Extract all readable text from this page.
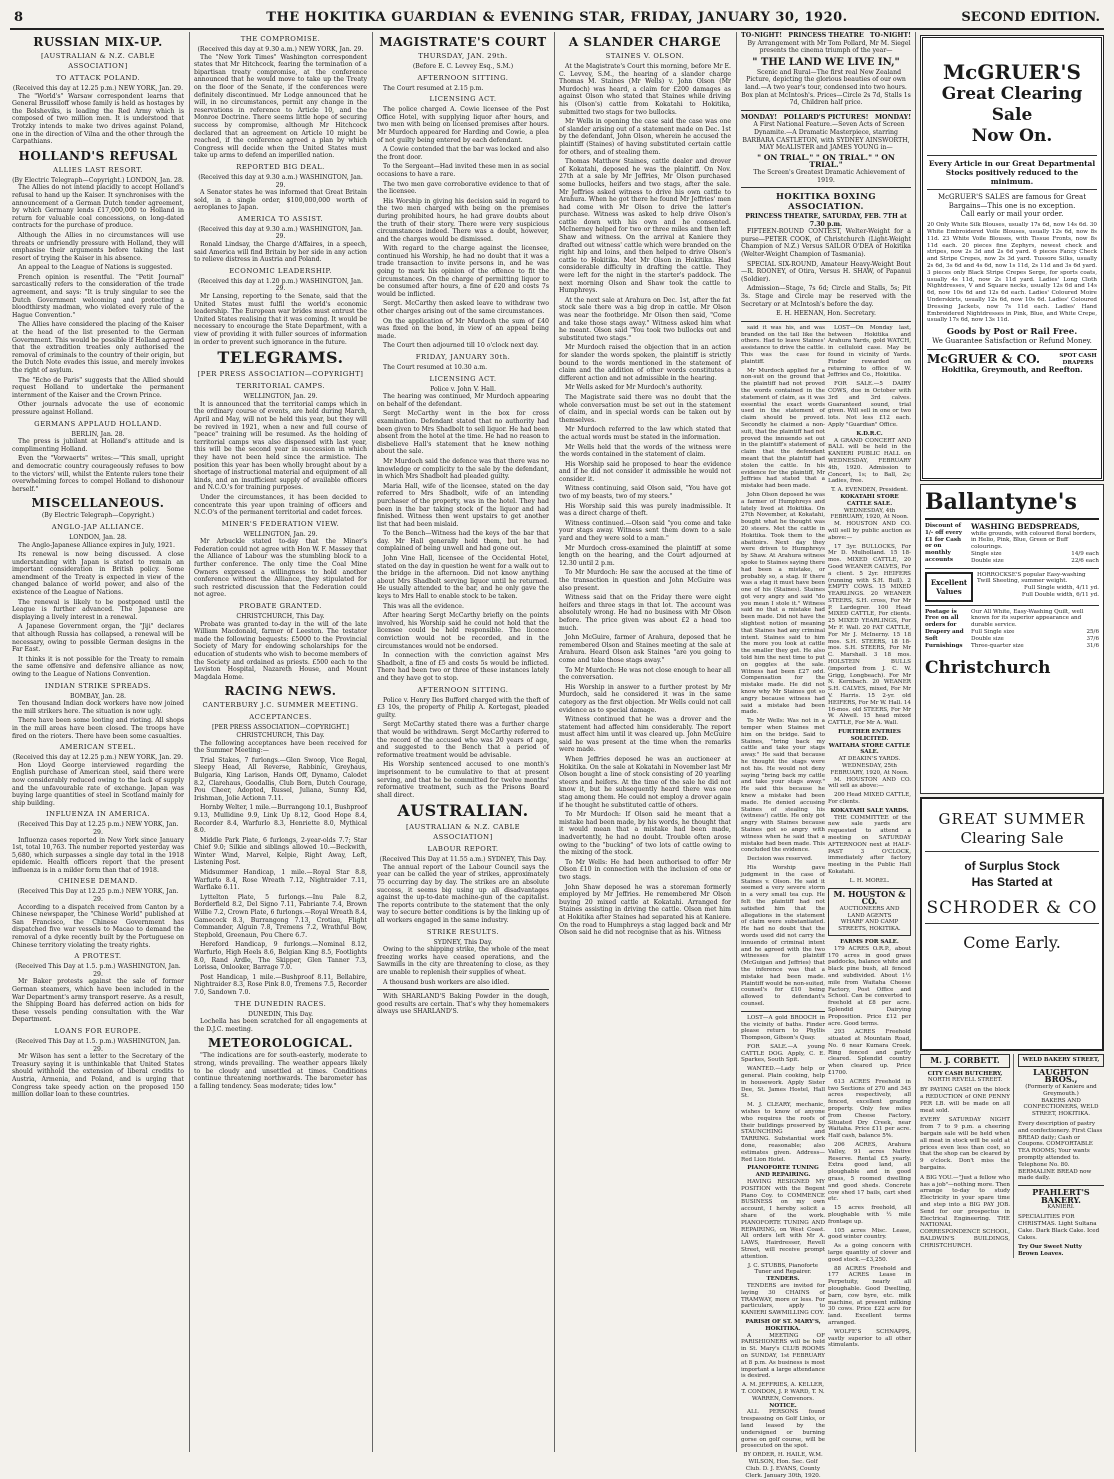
8	THE HOKITIKA GUARDIAN & EVENING STAR, FRIDAY, JANUARY 30, 1920.	SECOND EDITION.
RUSSIAN MIX-UP.
[AUSTRALIAN & N.Z. CABLE ASSOCIATION]
TO ATTACK POLAND.
(Received this day at 12.25 p.m.) NEW YORK, Jan. 29.

The "World's" Warsaw correspondent learns that General Brussiloff whose family is held as hostages by the Bolsheviks, is leading the Red Army which is composed of two million men. It is understood that Trotzky intends to make two drives against Poland, one in the direction of Vilna and the other through the Carpathians.

HOLLAND'S REFUSAL
ALLIES LAST RESORT.
(By Electric Telegraph—Copyright.) LONDON, Jan. 28.

The Allies do not intend placidly to accept Holland's refusal to hand up the Kaiser. It synchronises with the announcement of a German Dutch tender agreement, by which Germany lends £17,000,000 to Holland in return for valuable coal concessions, on long-dated contracts for the purchase of produce.

Although the Allies in no circumstances will use threats or unfriendly pressure with Holland, they will emphasise their arguments before taking the last resort of trying the Kaiser in his absence.

An appeal to the League of Nations is suggested.

French opinion is resentful. The "Petit Journal" sarcastically refers to the consideration of the trade agreement, and says: "It is truly singular to see the Dutch Government welcoming and protecting a bloodthirsty madman, who violated every rule of the Hague Convention."

The Allies have considered the placing of the Kaiser at the head of the list presented to the German Government. This would be possible if Holland agreed that the extradition treaties only authorised the removal of criminals to the country of their origin, but the Dutch Note evades this issue, and merely invokes the right of asylum.

The "Echo de Paris" suggests that the Allied should request Holland to undertake the permanent internment of the Kaiser and the Crown Prince.

Other journals advocate the use of economic pressure against Holland.

GERMANS APPLAUD HOLLAND.
BERLIN, Jan. 28.

The press is jubilant at Holland's attitude and is complimenting Holland.

Even the "Vorwaerts" writes:—"This small, upright and democratic country courageously refuses to bow to the victors' will, whilst the Entente rulers tone their overwhelming forces to compel Holland to dishonour herself."

MISCELLANEOUS.
(By Electric Telegraph—Copyright.)
ANGLO-JAP ALLIANCE.
LONDON, Jan. 28.

The Anglo-Japanese Alliance expires in July, 1921.

Its renewal is now being discussed. A close understanding with Japan is stated to remain an important consideration in British policy. Some amendment of the Treaty is expected in view of the changed balance of world power, and also of the existence of the League of Nations.

The renewal is likely to be postponed until the League is further advanced. The Japanese are displaying a lively interest in a renewal.

A Japanese Government organ, the "Jiji" declares that although Russia has collapsed, a renewal will be necessary, owing to possible German designs in the Far East.

It thinks it is not possible for the Treaty to remain the same offensive and defensive alliance as now, owing to the League of Nations Convention.

INDIAN STRIKE SPREADS.
BOMBAY, Jan. 28.

Ten thousand Indian dock workers have now joined the mill strikers here. The situation is now ugly.

There have been some looting and rioting. All shops in the mill areas have been closed. The troops have fired on the rioters. There have been some casualties.

AMERICAN STEEL.
(Received this day at 12.25 p.m.) NEW YORK, Jan. 29.

Hon Lloyd George interviewed regarding the English purchase of American steel, said there were now considerably reduced owing to the lack of supply and the unfavourable rate of exchange. Japan was buying large quantities of steel in Scotland mainly for ship building.

INFLUENZA IN AMERICA.
(Received This Day at 12.25 p.m.) NEW YORK, Jan. 29.

Influenza cases reported in New York since January 1st, total 10,763. The number reported yesterday was 5,680, which surpasses a single day total in the 1918 epidemic. Health officers report that the present influenza is in a milder form than that of 1918.

CHINESE DEMAND.
(Received This Day at 12.25 p.m.) NEW YORK, Jan. 29.

According to a dispatch received from Canton by a Chinese newspaper, the "Chinese World" published at San Francisco, the Chinese Government has dispatched five war vessels to Macao to demand the removal of a dyke recently built by the Portuguese on Chinese territory violating the treaty rights.

A PROTEST.
(Received This Day at 1.5. p.m.) WASHINGTON, Jan. 29.

Mr Baker protests against the sale of former German steamers, which have been included in the War Department's army transport reserve. As a result, the Shipping Board has deferred action on bids for these vessels pending consultation with the War Department.

LOANS FOR EUROPE.
(Received This Day at 1.5. p.m.) WASHINGTON, Jan. 29.

Mr Wilson has sent a letter to the Secretary of the Treasury saying it is unthinkable that United States should withhold the extension of liberal credits to Austria, Armenia, and Poland, and is urging that Congress take speedy action on the proposed 150 million dollar loan to these countries.

THE COMPROMISE.
(Received this day at 9.30 a.m.) NEW YORK, Jan. 29.

The "New York Times" Washington correspondent states that Mr Hitchcock, fearing the termination of a bipartisan treaty compromise, at the conference announced that he would move to take up the Treaty on the floor of the Senate, if the conferences were definitely discontinued. Mr Lodge announced that he will, in no circumstances, permit any change in the reservations in reference to Article 10, and the Monroe Doctrine. There seems little hope of securing success by compromise, although Mr Hitchcock declared that an agreement on Article 10 might be reached, if the conference agreed a plan by which Congress will decide when the United States must take up arms to defend an imperilled nation.

REPORTED BIG DEAL.
(Received this day at 9.30 a.m.) WASHINGTON, Jan. 29.

A Senator states he was informed that Great Britain sold, in a single order, $100,000,000 worth of aeroplanes to Japan.

AMERICA TO ASSIST.
(Received this day at 9.30 a.m.) WASHINGTON, Jan. 29.

Ronald Lindsay, the Charge d'Affaires, in a speech, said America will find Britain by her side in any action to relieve distress in Austria and Poland.

ECONOMIC LEADERSHIP.
(Received this day at 1.20 p.m.) WASHINGTON, Jan. 29.

Mr Lansing, reporting to the Senate, said that the United States must fulfil the world's economic leadership. The European war brides must entrust the United States realising that it was coming. It would be necessary to encourage the State Department, with a view of providing it with fuller sources of information in order to prevent such ignorance in the future.

TELEGRAMS.
[PER PRESS ASSOCIATION—COPYRIGHT]
TERRITORIAL CAMPS.
WELLINGTON, Jan. 29.

It is announced that the territorial camps which in the ordinary course of events, are held during March, April and May, will not be held this year, but they will be revived in 1921, when a new and full course of "peace" training will be resumed. As the holding of territorial camps was also dispensed with last year, this will be the second year in succession in which they have not been held since the armistice. The position this year has been wholly brought about by a shortage of instructional material and equipment of all kinds, and an insufficient supply of available officers and N.C.O.'s for training purposes.

Under the circumstances, it has been decided to concentrate this year upon training of officers and N.C.O's of the permanent territorial and cadet forces.

MINER'S FEDERATION VIEW.
WELLINGTON, Jan. 29.

Mr Arbuckle stated to-day that the Miner's Federation could not agree with Hon W. F. Massey that the Alliance of Labour was the stumbling block to a further conference. The only time the Coal Mine Owners expressed a willingness to hold another conference without the Alliance, they stipulated for such restricted discussion that the Federation could not agree.

PROBATE GRANTED.
CHRISTCHURCH, This Day.

Probate was granted to-day in the will of the late William Macdonald, farmer of Leeston. The testator made the following bequests: £5000 to the Provincial Society of Mary for endowing scholarships for the education of students who wish to become members of the Society and ordained as priests. £500 each to the Leviston Hospital, Nazareth House, and Mount Magdala Home.

RACING NEWS.
CANTERBURY J.C. SUMMER MEETING.
ACCEPTANCES.
[PER PRESS ASSOCIATION—COPYRIGHT.] CHRISTCHURCH, This Day.

The following acceptances have been received for the Summer Meeting:—

Trial Stakes, 7 furlongs.—Glen Swoop, Vice Regal, Sleepy Head, All Reverse, Rabbinic, Greyhaus, Bulgaria, King Larison, Hands Off, Dynamo, Calodet 8.2, Clarehaus, Goodallis, Club Born, Dutch Courage, Pou Cheer, Adopted, Russel, Juliana, Sunny Kid, Irishman, Jolie Actionn 7.11.

Hornby Welter, 1 mile.—Burrangong 10.1, Bushproof 9.13, Mullidine 9.9, Link Up 8.12, Good Hope 8.4, Recorder 8.4, Warfurlo 8.3, Henriette 8.0, Mythical 8.0.

Middle Park Plate, 6 furlongs, 2-year-olds 7.7; Star Chief 9.0; Silkie and siblings allowed 10.—Beckwith, Winter Wind, Marvel, Kelpie, Right Away, Left, Listening Post.

Midsummer Handicap, 1 mile.—Royal Star 8.8, Warfurlo 8.4, Rose Wreath 7.12, Nightraider 7.11, Warflake 6.11.

Lyttelton Plate, 5 furlongs.—Inu Pale 8.2, Borderfield 8.2, Del Signo 7.11, Fabriante 7.4, Brown Willie 7.2, Crown Plate, 6 furlongs.—Royal Wreath 8.4, Gamecock 8.3, Burrangong 7.13, Crotiau, Flight Commander, Alguin 7.8, Tremens 7.2, Wrathful Bow, Stepbold, Greenaun, Pou Chere 6.7.

Hereford Handicap, 9 furlongs.—Nominal 8.12, Warfurlo, High Heels 8.6, Belgian King 8.5, Footlights 8.0, Rand Ardle, The Skipper, Glen Tanner 7.3, Lorissa, Onlooker, Barrage 7.0.

Post Handicap, 1 mile.—Bushproof 8.11, Bellabire, Nightraider 8.3, Rose Pink 8.0, Tremens 7.5, Recorder 7.0, Sandown 7.0.

THE DUNEDIN RACES.
DUNEDIN, This Day.

Lochella has been scratched for all engagements at the D.J.C. meeting.

METEOROLOGICAL.

"The indications are for south-easterly, moderate to strong, winds prevailing. The weather appears likely to be cloudy and unsettled at times. Conditions continue threatening northwards. The barometer has a falling tendency. Seas moderate; tides low."

MAGISTRATE'S COURT
THURSDAY, JAN. 29th.
(Before E. C. Levvey Esq., S.M.)
AFTERNOON SITTING.

The Court resumed at 2.15 p.m.

LICENSING ACT.

The police charged A. Cowie licensee of the Post Office Hotel, with supplying liquor after hours, and two men with being on licensed premises after hours. Mr Murdoch appeared for Harding and Cowie, a plea of not guilty being entered by each defendant.

A Cowie contended that the bar was locked and also the front door.

To the Sergeant—Had invited these men in as social occasions to have a rare.

The two men gave corroborative evidence to that of the licensee.

His Worship in giving his decision said in regard to the two men charged with being on the premises during prohibited hours, he had grave doubts about the truth of their story. There were very suspicious circumstances indeed. There was a doubt, however, and the charges would be dismissed.

With regard to the charge against the licensee, continued his Worship, he had no doubt that it was a trade transaction to invite persons in, and he was going to mark his opinion of the offence to fit the circumstances. On the charge of permitting liquor to be consumed after hours, a fine of £20 and costs 7s would be inflicted.

Sergt. McCarthy then asked leave to withdraw two other charges arising out of the same circumstances.

On the application of Mr Murdoch the sum of £40 was fixed on the bond, in view of an appeal being made.

The Court then adjourned till 10 o'clock next day.

FRIDAY, JANUARY 30th.

The Court resumed at 10.30 a.m.

LICENSING ACT.
Police v. John V. Hall.

The hearing was continued, Mr Murdoch appearing on behalf of the defendant.

Sergt McCarthy went in the box for cross examination. Defendant stated that no authority had been given to Mrs Shadbolt to sell liquor. He had been absent from the hotel at the time. He had no reason to disbelieve Hall's statement that he knew nothing about the sale.

Mr Murdoch said the defence was that there was no knowledge or complicity to the sale by the defendant, in which Mrs Shadbolt had pleaded guilty.

Maria Hall, wife of the licensee, stated on the day referred to Mrs Shadbolt, wife of an intending purchaser of the property, was in the hotel. They had been in the bar taking stock of the liquor and had finished. Witness then went upstairs to get another list that had been mislaid.

To the Bench—Witness had the keys of the bar that day. Mr Hall generally held them, but he had complained of being unwell and had gone out.

John Vine Hall, licensee of the Occidental Hotel, stated on the day in question he went for a walk out to the bridge in the afternoon. Did not know anything about Mrs Shadbolt serving liquor until he returned. He usually attended to the bar, and he only gave the keys to Mrs Hall to enable stock to be taken.

This was all the evidence.

After hearing Sergt McCarthy briefly on the points involved, his Worship said he could not hold that the licensee could be held responsible. The licence conviction would not be recorded, and in the circumstances would not be endorsed.

In connection with the conviction against Mrs Shadbolt, a fine of £5 and costs 5s would be inflicted. There had been two or three of these instances lately and they have got to stop.

AFTERNOON SITTING.

Police v. Henry Iles Bufford charged with the theft of £3 10s, the property of Philip A. Kortegast, pleaded guilty.

Sergt McCarthy stated there was a further charge that would be withdrawn. Sergt McCarthy referred to the record of the accused who was 20 years of age, and suggested to the Bench that a period of reformative treatment would be advisable.

His Worship sentenced accused to one month's imprisonment to be cumulative to that at present serving, and that he be committed for twelve months' reformative treatment, such as the Prisons Board shall direct.

AUSTRALIAN.
[AUSTRALIAN & N.Z. CABLE ASSOCIATION]
LABOUR REPORT.
(Received This Day at 11.55 a.m.) SYDNEY, This Day.

The annual report of the Labour Council says the year can be called the year of strikes, approximately 75 occurring day by day. The strikes are an absolute success, it seems big using up all disadvantages against the up-to-date machine-gun of the capitalist. The reports contribute to the statement that the only way to secure better conditions is by the linking up of all workers engaged in the same industry.

STRIKE RESULTS.
SYDNEY, This Day.

Owing to the shipping strike, the whole of the meat freezing works have ceased operations, and the Sawmills in the city are threatening to close, as they are unable to replenish their supplies of wheat.

A thousand bush workers are also idled.

With SHARLAND'S Baking Powder in the dough, good results are certain. That's why they homemakers always use SHARLAND'S.

A SLANDER CHARGE
STAINES V. OLSON.

At the Magistrate's Court this morning, before Mr E. C. Levvey, S.M., the hearing of a slander charge Thomas M. Staines (Mr Wells) v. John Olson (Mr Murdoch) was heard, a claim for £200 damages as against Olson who stated that Staines while driving his (Olson's) cattle from Kokatahi to Hokitika, submitted two stags for two bullocks.

Mr Wells in opening the case said the case was one of slander arising out of a statement made on Dec. 1st by the defendant, John Olson, wherein he accused the plaintiff (Staines) of having substituted certain cattle for others, and of stealing them.

Thomas Matthew Staines, cattle dealer and drover of Kokatahi, deposed he was the plaintiff. On Nov. 27th at a sale by Mr Jeffries, Mr Olson purchased some bullocks, heifers and two stags, after the sale. Mr Jeffries asked witness to drive his own cattle to Arahura. When he got there he found Mr Jeffries' men had come with Mr Olson to drive the latter's purchase. Witness was asked to help drive Olson's cattle down with his own and he consented. McInerney helped for two or three miles and then left Shaw and witness. On the arrival at Kaniere they drafted out witness' cattle which were branded on the right hip and loins, and then helped to drive Olson's cattle to Hokitika. Met Mr Olson in Hokitika. Had considerable difficulty in drafting the cattle. They were left for the night in the starter's paddock. The next morning Olson and Shaw took the cattle to Humphreys.

At the next sale at Arahura on Dec. 1st, after the fat stock sale there was a big drop in cattle. Mr Olson was near the footbridge. Mr Olson then said, "Come and take those stags away." Witness asked him what he meant. Olson said "You took two bullocks out and substituted two stags."

Mr Murdoch raised the objection that in an action for slander the words spoken, the plaintiff is strictly bound to the words mentioned in the statement of claim and the addition of other words constitutes a different action and not admissible in the hearing.

Mr Wells asked for Mr Murdoch's authority.

The Magistrate said there was no doubt that the whole conversation must be set out in the statement of claim, and in special words can be taken out by themselves.

Mr Murdoch referred to the law which stated that the actual words must be stated in the information.

Mr Wells held that the words of the witness were the words contained in the statement of claim.

His Worship said he proposed to hear the evidence and if he did not consider it admissible he would not consider it.

Witness continuing, said Olson said, "You have got two of my beasts, two of my steers."

His Worship said this was purely inadmissible. It was a direct charge of theft.

Witness continued.—Olson said "you come and take your stags away. Witness sent them down to a sale yard and they were sold to a man."

Mr Murdoch cross-examined the plaintiff at some length on the hearing, and the Court adjourned at 12.30 until 2 p.m.

To Mr Murdoch: He saw the accused at the time of the transaction in question and John McGuire was also present.

Witness said that on the Friday there were eight heifers and three stags in that lot. The account was absolutely wrong. He had no business with Mr Olson before. The price given was about £2 a head too much.

John McGuire, farmer of Arahura, deposed that he remembered Olson and Staines meeting at the sale at Arahura. Heard Olson ask Staines "are you going to come and take those stags away."

To Mr Murdoch: He was not close enough to hear all the conversation.

His Worship in answer to a further protest by Mr Murdoch, said he considered it was in the same category as the first objection. Mr Wells could not call evidence as to special damage.

Witness continued that he was a drover and the statement had affected him considerably. The report must affect him until it was cleared up. John McGuire said he was present at the time when the remarks were made.

When Jeffries deposed he was an auctioneer at Hokitika. On the sale at Kokatahi in November last Mr Olson bought a line of stock consisting of 20 yearling steers and heifers. At the time of the sale he did not know it, but he subsequently heard there was one stag among them. He could not employ a drover again if he thought he substituted cattle of others.

To Mr Murdoch: If Olson said he meant that a mistake had been made, by his words, he thought that it would mean that a mistake had been made, inadvertently, he had no doubt. Trouble often arose owing to the "bucking" of two lots of cattle owing to the mixing of the stock.

To Mr Wells: He had been authorised to offer Mr Olson £10 in connection with the inclusion of one or two stags.

John Shaw deposed he was a storeman formerly employed by Mr Jeffries. He remembered Mr Olson buying 20 mixed cattle at Kokatahi. Arranged for Staines assisting in driving the cattle. Olson met him at Hokitika after Staines had separated his at Kaniere. On the road to Humphreys a stag lagged back and Mr Olson said he did not recognise that as his. Witness

TO-NIGHT! PRINCESS THEATRE TO-NIGHT!

By Arrangement with Mr Tom Pollard, Mr M. Siegel presents the cinema triumph of the year—

" THE LAND WE LIVE IN,"

Scenic and Rural—The first real New Zealand Picture, depicting the glorious beauties of our own land.—A two year's tour, condensed into two hours. Box plan at McIntosh's. Prices—Circle 2s 7d, Stalls 1s 7d, Children half price.

MONDAY! POLLARD'S PICTURES! MONDAY!

A First National Feature.—Seven Acts of Screen Dynamite.—A Dramatic Masterpiece, starring BARBARA CASTLETON, with SYDNEY AINSWORTH, MAY McALISTER and JAMES YOUNG in—

" ON TRIAL." " ON TRIAL." " ON TRIAL."

The Screen's Greatest Dramatic Achievement of 1919.

HOKITIKA BOXING ASSOCIATION.
PRINCESS THEATRE, SATURDAY, FEB. 7TH at 7.30 p.m.

FIFTEEN-ROUND CONTEST, Welter-Weight for a purse—PETER COOK, of Christchurch (Light-Weight Champion of N.Z.) Versus SAILOR O'DEA of Hokitika (Welter-Weight Champion of Tasmania).

SPECIAL SIX-ROUND, Amateur Heavy-Weight Bout—R. ROONEY, of Otira, Versus H. SHAW, of Papanui (Soldier).

Admission—Stage, 7s 6d; Circle and Stalls, 5s; Pit 3s. Stage and Circle may be reserved with the Secretary or at McIntosh's before the day.

E. H. HEENAN, Hon. Secretary.

said it was his, and was branded on the tail like the others. Had to leave Staines' assistance to drive the cattle. This was the case for plaintiff.

Mr Murdoch applied for a non-suit on the ground that the plaintiff had not proved the words contained in the statement of claim, as it was essential the exact words used in the statement of claim should be proved. Secondly he claimed a non-suit, that the plaintiff had not proved the innuendo set out in the plaintiff's statement of claim that the defendant meant that the plaintiff had stolen the cattle. In his evidence for the plaintiff, Mr Jeffries had stated that a mistake had been made.

John Olson deposed he was a farmer of Humphreys and lately lived at Hokitika. On 27th November, at Kokatahi, bought what he thought was 20 steers. Met the cattle in Hokitika. Took them to the abattoirs. Next day they were driven to Humphreys by Shaw. At Arahura witness spoke to Staines saying there had been a mistake, or probably so, a stag. If there was a stag it must have been one of his (Staines). Staines got very angry and said "do you mean I stole it." Witness said no that a mistake had been made. Did not have the slightest notion of meaning that Staines had any criminal intent. Staines said to him the more you look at cattle the smaller they get. He also told him the next time to put on goggles at the sale. Witness had been £27 odd. Compensation for the mistake made. He did not know why Mr Staines got so angry because witness had said a mistake had been made.

To Mr Wells: Was not in a temper when Staines met him on the bridge. Said to Staines, "bring back my cattle and take your stags away." He said that because he thought the stags were not his. He would not deny saying "bring back my cattle and take your stags away." He said this because he knew a mistake had been made. He denied accusing Staines of stealing his (witness') cattle. He only got angry with Staines because Staines got so angry with witness when he said that a mistake had been made. This concluded the evidence.

Decision was reserved.

His Worship gave judgment in the case of Staines v. Olson. He said it seemed a very severe storm in a very small tea cup. He felt the plaintiff had not satisfied him that the allegations in the statement of claim were substantiated. He had no doubt that the words used did not carry the innuendo of criminal intent and he agreed with the two witnesses for plaintiff (McGuigan and Jeffries) that the inference was that a mistake had been made. Plaintiff would be non-suited, counsel's for £10 being allowed to defendant's counsel.

LOST—A gold BROOCH in the vicinity of baths. Finder please return to Phyllis Thompson, Gibson's Quay.

FOR SALE.—A young CATTLE DOG. Apply, C. E. Sparkes, South Spit.

WANTED.—Lady help or general. Plain cooking, help in housework. Apply Sister Dee, St. James Hostel, Hall St.

M. J. CLEARY, mechanic, wishes to know of anyone who requires the roofs of their buildings preserved by STAUNCHING and TARRING. Substantial work done, reasonable; also estimates given. Address—Red Lion Hotel.

PIANOFORTE TUNING AND REPAIRING.

HAVING RESIGNED MY POSITION with the Begent Piano Coy. to COMMENCE BUSINESS on my own account, I hereby solicit a share of the work. PIANOFORTE TUNING AND REPAIRING, on West Coast. All orders left with Mr A. LAWS, Hairdresser, Revell Street, will receive prompt attention.

J. C. STUBBS, Pianoforte Tuner and Repairer.
TENDERS.

TENDERS are invited for laying 30 CHAINS of TRAMWAY, more or less. For particulars, apply to KANIERI SAWMILLING COY.

PARISH OF ST. MARY'S, HOKITIKA.

A MEETING OF PARISHIONERS will be held in St. Mary's CLUB ROOMS on SUNDAY, 1st FEBRUARY at 8 p.m. As business is most important a large attendance is desired.

A. M. JEFFRIES, A. KELLER, T. CONDON, J. P. WARD, T. N. WARREN, Convenors.
NOTICE.

ALL PERSONS found trespassing on Golf Links, or land leased by the undersigned or burning gorse on golf course, will be prosecuted on the spot.

BY ORDER, H. HAILE, W.M. WILSON, Hon. Sec. Golf Club. D. J. EVANS, County Clerk. January 30th, 1920.

LOST—On Monday last, between Hokitika and Arahura Yards, gold WATCH, in celluloid case. May be found in vicinity of Yards. Finder rewarded on returning to office of W. Jeffries and Co., Hokitika.

FOR SALE.—5 DAIRY COWS, due in October with 3rd and 3rd calves. Guaranteed sound, trial given. Will sell in one or two lots. Not less £12 each. Apply "Guardian" Office.

K.D.R.C.

A GRAND CONCERT AND BALL will be held in the KANIERI PUBLIC HALL on WEDNESDAY, FEBRUARY 4th, 1920. Admission to Concert, 1s; to Ball, 2s; Ladies, free.

T. A. EVENDEN, President.
KOKATAHI STORE CATTLE SALE.
WEDNESDAY, 4th FEBRUARY, 1920, At Noon.

M. HOUSTON AND CO. will sell by public auction as above:—

17 3yr. BULLOCKS, For Mr D. Mulholland. 15 18-mos. MIXED CATTLE, 20 Good WEANER CALVES, For a client. 5 2yr. HEIFERS (running with S.H. Bull). 2 EMPTY COWS. 15 MIXED YEARLINGS. 20 WEANER STEERS, S.H. cross, For Mr P. Lardegrer. 100 Head MIXED CATTLE, For clients. 25 MIXED YEARLINGS, For Mr F. Wall. 20 FAT CATTLE, For Mr J. McInerny. 15 18 mos. S.H. STEERS, 18 18-mos. S.H. STEERS, For Mr C. Marshall. 3 18 mos. HOLSTEIN BULLS (imported from J. C. W. Grigg, Longbeach). For Mr N. Kernbach. 20 WEANER S.H. CALVES, mixed, For Mr V. Harris. 15 2-yr. old HEIFERS, For Mr W. Hall. 14 16-mos. old STEERS, For Mr W. Alwell. 15 head mixed CATTLE, For Mr A. Wall.

FURTHER ENTRIES SOLICITED.
WAITAHA STORE CATTLE SALE.
AT DEAKIN'S YARDS.
WEDNESDAY, 25th FEBRUARY, 1920, At Noon.

M. HOUSTON AND CO. will sell as above:—

200 Head MIXED CATTLE, For clients.

KOKATAHI SALE YARDS.

THE COMMITTEE of the new sale yards are requested to attend a meeting on SATURDAY AFTERNOON next at HALF-PAST 3 O'CLOCK, immediately after factory meeting in the Public Hall Kokatahi.

L. H. MOREL.
M. HOUSTON & CO.
AUCTIONEERS AND LAND AGENTS
WHARF AND CAMP STREETS, HOKITIKA.
FARMS FOR SALE.

179 ACRES O.R.P., about 170 acres in good grass paddocks, balance white and black pine bush, all fenced and subdivided. About 1½ mile from Waitaha Cheese Factory, Post Office and School. Can be converted to freehold at £8 per acre. Splendid Dairying Proposition. Price £12 per acre. Good terms.

293 ACRES Freehold situated at Mountain Road, No. 6 near Kumara Creek. Ring fenced and partly cleared. Splendid country when cleared up. Price £1700.

613 ACRES Freehold in two Sections of 270 and 343 acres respectively, all fenced, excellent grazing property. Only few miles from Cheese Factory. Situated Dry Creek, near Waitaha. Price £11 per acre. Half cash, balance 5%.

206 ACRES, Arahura Valley, 91 acres Native Reserve. Rental £5 yearly. Extra good land, all ploughable and in good grass, 5 roomed dwelling and good sheds. Concrete cow shed 17 bails, cart shed etc.

15 acres freehold, all ploughable with ½ mile frontage up.

105 acres Misc. Lease, good winter country.

As a going concern with large quantity of clover and good stock.—£3,250.

88 ACRES Freehold and 177 ACRES Lease in Perpetuity, nearly all ploughable. Good Dwelling, barn, cow byre, etc. milk machine, at present milking 30 cows. Price £22 acre for land. Excellent terms arranged.

WOLFE'S SCHNAPPS, vastly superior to all other stimulants.

McGRUER'S
Great Clearing Sale
Now On.
Every Article in our Great Departmental Stocks positively reduced to the minimum.
McGRUER'S SALES are famous for Great Bargains—This one is no exception.
Call early or mail your order.

20 Only White Silk Blouses, usually 17s 6d, now 14s 6d. 30 White Embroidered Voile Blouses, usually 12s 6d, now 8s 11d. 23 White Voile Blouses, with Tissue Fronts, now 8s 11d each. 20 pieces fine Zephyrs, newest check and stripes, now 2s 3d and 2s 6d yard. 6 pieces Fancy Check and Stripe Crepes, now 2s 3d yard. Tussore Silks, usually 2s 6d, 3s 6d and 4s 6d, now 1s 11d, 2s 11d and 3s 6d yard. 3 pieces only Black Stripe Crepes Serge, for sports coats, usually 4s 11d, now 2s 11d yard. Ladies' Long Cloth Nightdresses, V and Square necks, usually 12s 6d and 14s 6d, now 10s 6d and 12s 6d each. Ladies' Coloured Moire Underskirts, usually 12s 6d, now 10s 6d. Ladies' Coloured Dressing Jackets, now 7s 11d each. Ladies' Hand Embroidered Nightdresses in Pink, Blue, and White Crepe, usually 17s 6d, now 13s 11d.

Goods by Post or Rail Free.
We Guarantee Satisfaction or Refund Money.
McGRUER & CO.	SPOT CASH DRAPERS
Hokitika, Greymouth, and Reefton.
Ballantyne's
Discount of 1/- off every £1 for Cash or on monthly accounts
WASHING BEDSPREADS,
white grounds, with coloured floral borders, in Helio, Pink, Blue, Green or Buff colourings.
Single size	14/9 each
Double size	22/6 each
Excellent Values
HORROCKSE'S popular Easy-washing Twill Sheeting, summer weight.
Full Single width, 4/11 yd.
Full Double width, 6/11 yd.
Postage is Free on all orders for Drapery and Soft Furnishings
Our All White, Easy-Washing Quilt, well known for its superior appearance and durable service.
Full Single size	25/6
Double size	37/6
Three-quarter size	31/6
Christchurch
GREAT SUMMER
Clearing Sale
of Surplus Stock
Has Started at
SCHRODER & CO
Come Early.
M. J. CORBETT.
CITY CASH BUTCHERY,
NORTH REVELL STREET.

BY PAYING CASH on the block a REDUCTION of ONE PENNY PER LB. will be made on all meat sold.

EVERY SATURDAY NIGHT from 7 to 9 p.m. a cheering bargain sale will be held when all meat in stock will be sold at prices even less than cost, so that the shop can be cleared by 9 o'clock. Don't miss the bargains.

A BIG YOU.—"Just a fellow who has a job"—nothing more. Then arrange to-day to study Electricity in your spare time and step into a BIG PAY JOB. Send for our prospectus in Electrical Engineering. THE NATIONAL CORRESPONDENCE SCHOOL, BALDWIN'S BUILDINGS, CHRISTCHURCH.

WELD BAKERY STREET,
LAUGHTON BROS.,
(Formerly of Kaniere and Greymouth.)
BAKERS AND CONFECTIONERS, WELD STREET, HOKITIKA.

Every description of pastry and confectionery. First Class BREAD daily; Cash or Coupons. COMFORTABLE TEA ROOMS; Your wants promptly attended to. Telephone No. 80. BERMALINE BREAD now made daily.

PFAHLERT'S BAKERY.
KANIERI.

SPECIALITIES FOR CHRISTMAS. Light Sultana Cake. Dark Black Cake. Iced Cakes.

Try Our Sweet Nutty Brown Loaves.
